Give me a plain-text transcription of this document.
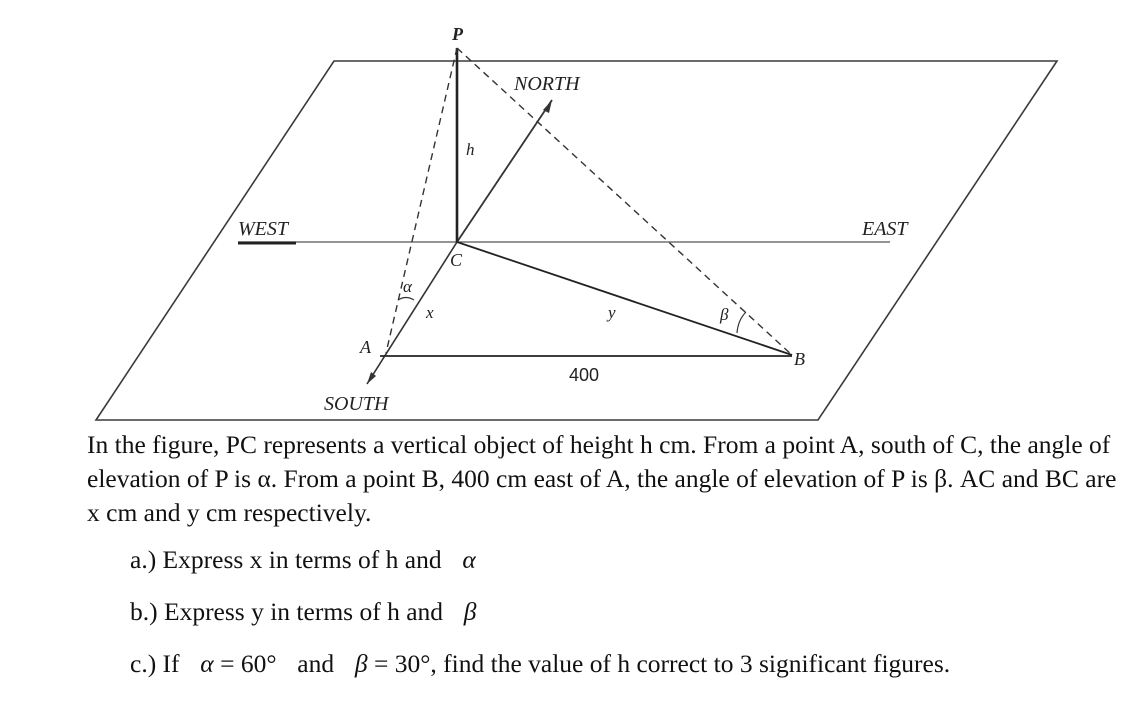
P
h
NORTH
WEST	EAST
C
α
x	y	β
A
B
400
SOUTH

In the figure, PC represents a vertical object of height h cm. From a point A, south of C, the angle of elevation of P is α. From a point B, 400 cm east of A, the angle of elevation of P is β. AC and BC are x cm and y cm respectively.

a.) Express x in terms of h and α
b.) Express y in terms of h and β
c.) If α = 60° and β = 30°, find the value of h correct to 3 significant figures.
